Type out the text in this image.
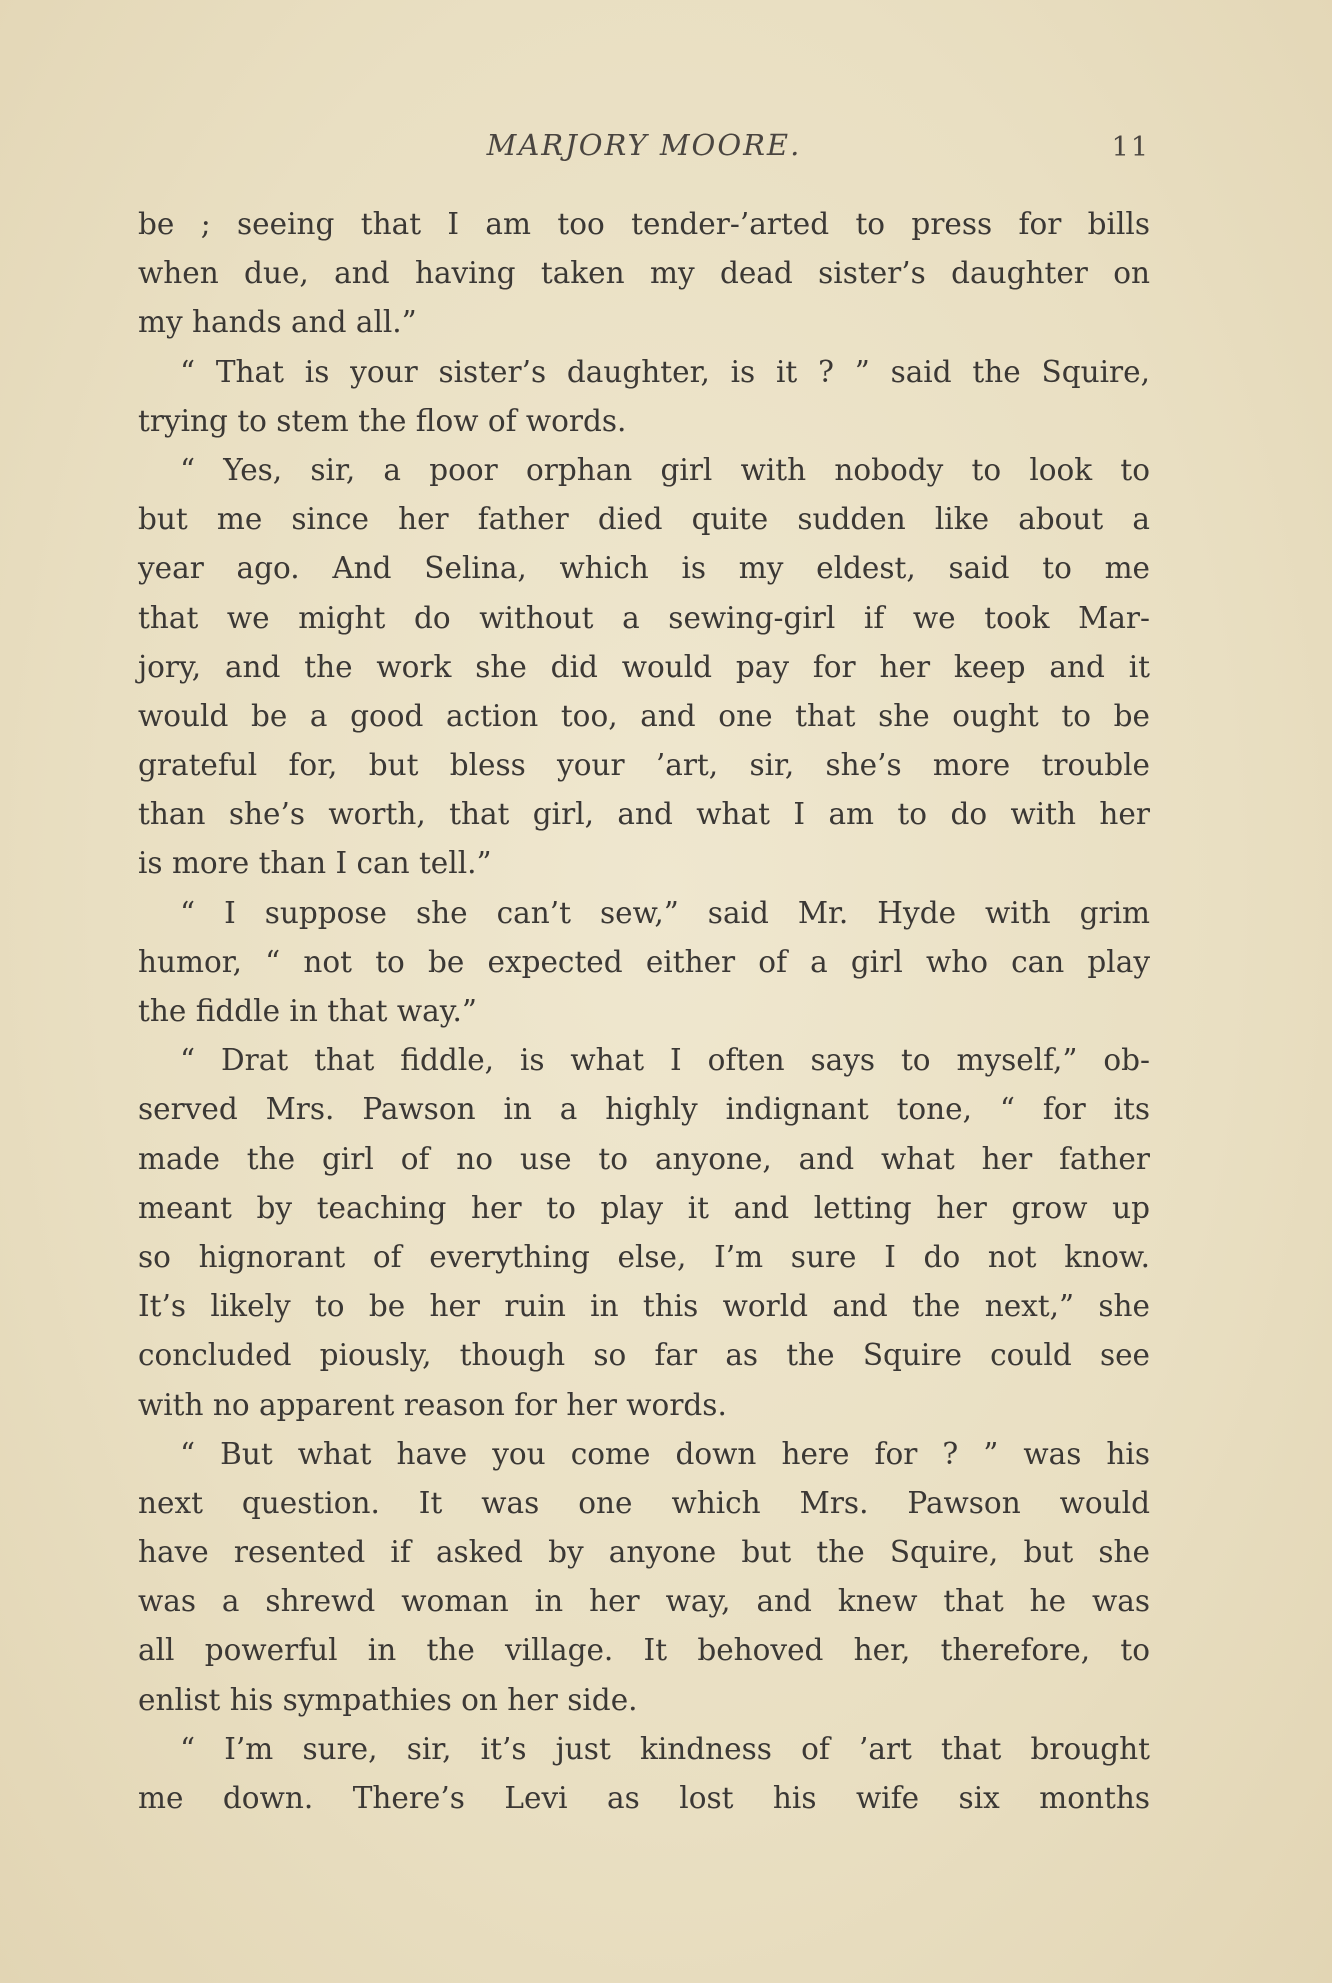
MARJORY MOORE.	11
be ; seeing that I am too tender-’arted to press for bills
when due, and having taken my dead sister’s daughter on
my hands and all.”
“ That is your sister’s daughter, is it ? ” said the Squire,
trying to stem the flow of words.
“ Yes, sir, a poor orphan girl with nobody to look to
but me since her father died quite sudden like about a
year ago. And Selina, which is my eldest, said to me
that we might do without a sewing-girl if we took Mar-
jory, and the work she did would pay for her keep and it
would be a good action too, and one that she ought to be
grateful for, but bless your ’art, sir, she’s more trouble
than she’s worth, that girl, and what I am to do with her
is more than I can tell.”
“ I suppose she can’t sew,” said Mr. Hyde with grim
humor, “ not to be expected either of a girl who can play
the fiddle in that way.”
“ Drat that fiddle, is what I often says to myself,” ob-
served Mrs. Pawson in a highly indignant tone, “ for its
made the girl of no use to anyone, and what her father
meant by teaching her to play it and letting her grow up
so hignorant of everything else, I’m sure I do not know.
It’s likely to be her ruin in this world and the next,” she
concluded piously, though so far as the Squire could see
with no apparent reason for her words.
“ But what have you come down here for ? ” was his
next question. It was one which Mrs. Pawson would
have resented if asked by anyone but the Squire, but she
was a shrewd woman in her way, and knew that he was
all powerful in the village. It behoved her, therefore, to
enlist his sympathies on her side.
“ I’m sure, sir, it’s just kindness of ’art that brought
me down. There’s Levi as lost his wife six months
